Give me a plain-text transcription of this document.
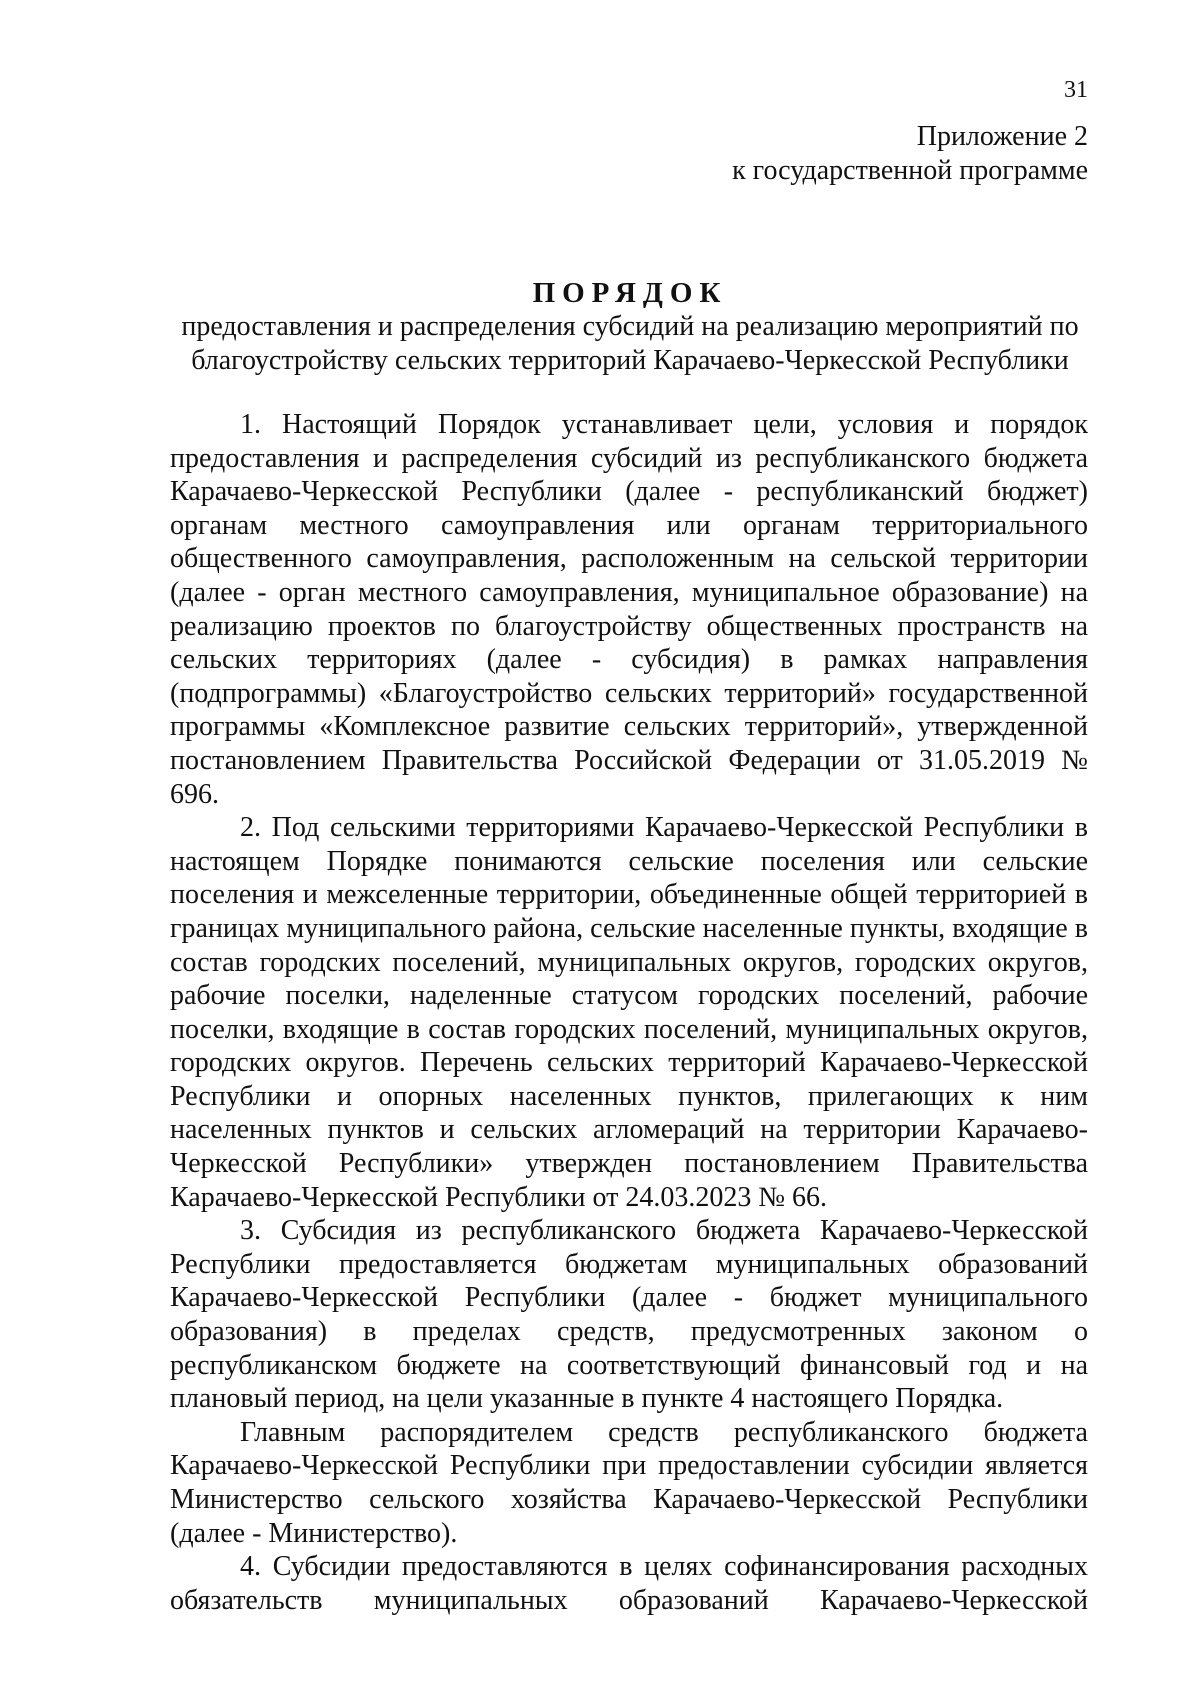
31
Приложение 2
к государственной программе
ПОРЯДОК
предоставления и распределения субсидий на реализацию мероприятий по
благоустройству сельских территорий Карачаево-Черкесской Республики

1. Настоящий Порядок устанавливает цели, условия и порядок предоставления и распределения субсидий из республиканского бюджета Карачаево-Черкесской Республики (далее - республиканский бюджет) органам местного самоуправления или органам территориального общественного самоуправления, расположенным на сельской территории (далее - орган местного самоуправления, муниципальное образование) на реализацию проектов по благоустройству общественных пространств на сельских территориях (далее - субсидия) в рамках направления (подпрограммы) «Благоустройство сельских территорий» государственной программы «Комплексное развитие сельских территорий», утвержденной постановлением Правительства Российской Федерации от 31.05.2019 № 696.

2. Под сельскими территориями Карачаево-Черкесской Республики в настоящем Порядке понимаются сельские поселения или сельские поселения и межселенные территории, объединенные общей территорией в границах муниципального района, сельские населенные пункты, входящие в состав городских поселений, муниципальных округов, городских округов, рабочие поселки, наделенные статусом городских поселений, рабочие поселки, входящие в состав городских поселений, муниципальных округов, городских округов. Перечень сельских территорий Карачаево-Черкесской Республики и опорных населенных пунктов, прилегающих к ним населенных пунктов и сельских агломераций на территории Карачаево-Черкесской Республики» утвержден постановлением Правительства Карачаево-Черкесской Республики от 24.03.2023 № 66.

3. Субсидия из республиканского бюджета Карачаево-Черкесской Республики предоставляется бюджетам муниципальных образований Карачаево-Черкесской Республики (далее - бюджет муниципального образования) в пределах средств, предусмотренных законом о республиканском бюджете на соответствующий финансовый год и на плановый период, на цели указанные в пункте 4 настоящего Порядка.

Главным распорядителем средств республиканского бюджета Карачаево-Черкесской Республики при предоставлении субсидии является Министерство сельского хозяйства Карачаево-Черкесской Республики (далее - Министерство).

4. Субсидии предоставляются в целях софинансирования расходных обязательств муниципальных образований Карачаево-Черкесской
